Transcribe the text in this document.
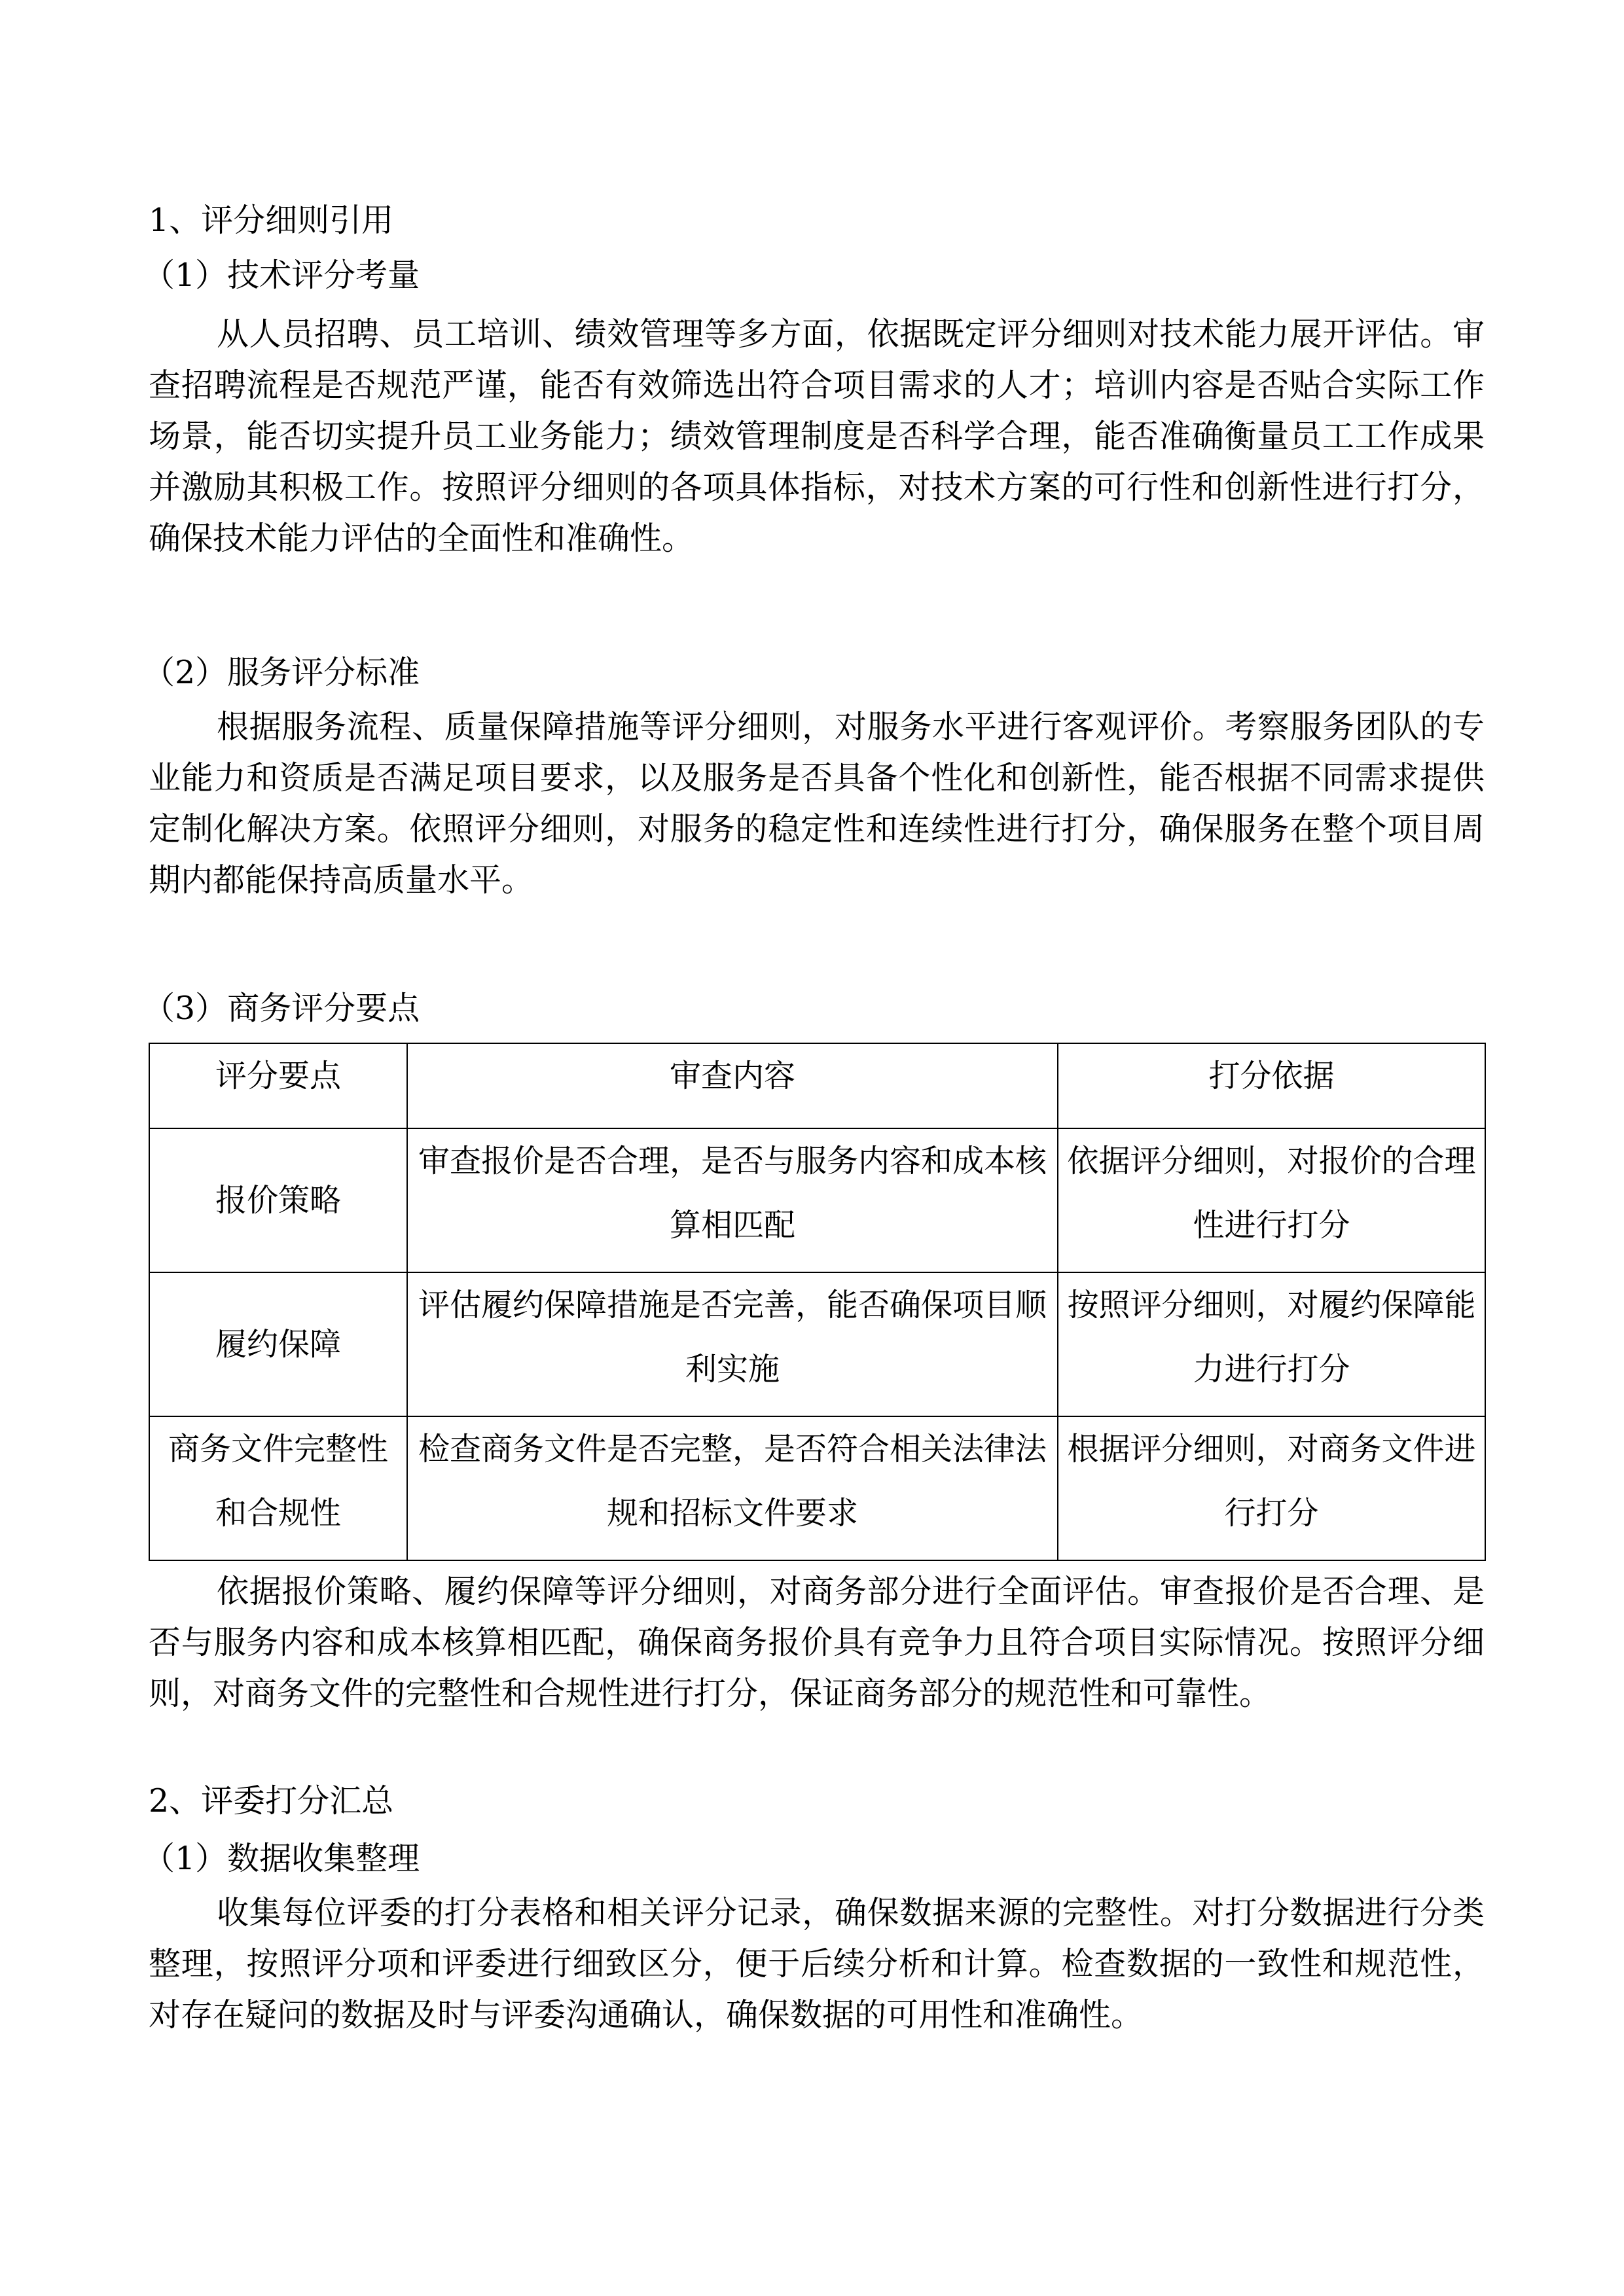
1、评分细则引用
（1）技术评分考量
从人员招聘、员工培训、绩效管理等多方面，依据既定评分细则对技术能力展开评估。审查招聘流程是否规范严谨，能否有效筛选出符合项目需求的人才；培训内容是否贴合实际工作场景，能否切实提升员工业务能力；绩效管理制度是否科学合理，能否准确衡量员工工作成果并激励其积极工作。按照评分细则的各项具体指标，对技术方案的可行性和创新性进行打分，确保技术能力评估的全面性和准确性。
（2）服务评分标准
根据服务流程、质量保障措施等评分细则，对服务水平进行客观评价。考察服务团队的专业能力和资质是否满足项目要求，以及服务是否具备个性化和创新性，能否根据不同需求提供定制化解决方案。依照评分细则，对服务的稳定性和连续性进行打分，确保服务在整个项目周期内都能保持高质量水平。
（3）商务评分要点
评分要点	审查内容	打分依据
报价策略	审查报价是否合理，是否与服务内容和成本核算相匹配	依据评分细则，对报价的合理性进行打分
履约保障	评估履约保障措施是否完善，能否确保项目顺利实施	按照评分细则，对履约保障能力进行打分
商务文件完整性和合规性	检查商务文件是否完整，是否符合相关法律法规和招标文件要求	根据评分细则，对商务文件进行打分
依据报价策略、履约保障等评分细则，对商务部分进行全面评估。审查报价是否合理、是否与服务内容和成本核算相匹配，确保商务报价具有竞争力且符合项目实际情况。按照评分细则，对商务文件的完整性和合规性进行打分，保证商务部分的规范性和可靠性。
2、评委打分汇总
（1）数据收集整理
收集每位评委的打分表格和相关评分记录，确保数据来源的完整性。对打分数据进行分类整理，按照评分项和评委进行细致区分，便于后续分析和计算。检查数据的一致性和规范性，对存在疑问的数据及时与评委沟通确认，确保数据的可用性和准确性。
